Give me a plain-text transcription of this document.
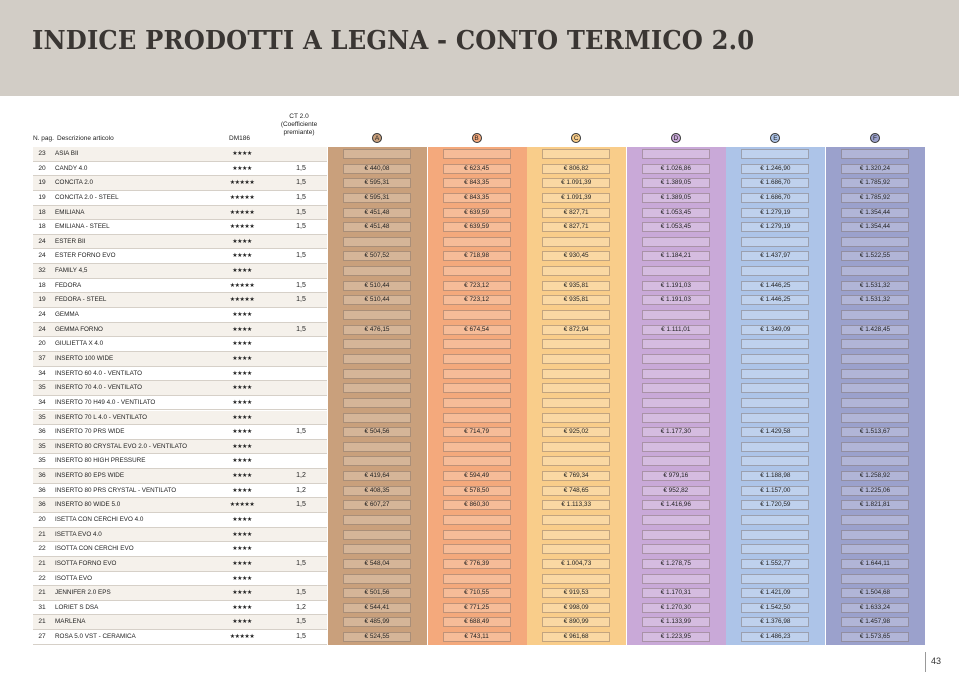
INDICE PRODOTTI A LEGNA - CONTO TERMICO 2.0
N. pag. Descrizione articolo	DM186
CT 2.0
(Coefficiente
premiante)
A	B	C	D	E	F
23	ASIA BII	★★★★
20	CANDY 4.0	★★★★	1,5	€ 440,08	€ 623,45	€ 806,82	€ 1.026,86	€ 1.246,90	€ 1.320,24
19	CONCITA 2.0	★★★★★	1,5	€ 595,31	€ 843,35	€ 1.091,39	€ 1.389,05	€ 1.686,70	€ 1.785,92
19	CONCITA 2.0 - STEEL	★★★★★	1,5	€ 595,31	€ 843,35	€ 1.091,39	€ 1.389,05	€ 1.686,70	€ 1.785,92
18	EMILIANA	★★★★★	1,5	€ 451,48	€ 639,59	€ 827,71	€ 1.053,45	€ 1.279,19	€ 1.354,44
18	EMILIANA - STEEL	★★★★★	1,5	€ 451,48	€ 639,59	€ 827,71	€ 1.053,45	€ 1.279,19	€ 1.354,44
24	ESTER BII	★★★★
24	ESTER FORNO EVO	★★★★	1,5	€ 507,52	€ 718,98	€ 930,45	€ 1.184,21	€ 1.437,97	€ 1.522,55
32	FAMILY 4,5	★★★★
18	FEDORA	★★★★★	1,5	€ 510,44	€ 723,12	€ 935,81	€ 1.191,03	€ 1.446,25	€ 1.531,32
19	FEDORA - STEEL	★★★★★	1,5	€ 510,44	€ 723,12	€ 935,81	€ 1.191,03	€ 1.446,25	€ 1.531,32
24	GEMMA	★★★★
24	GEMMA FORNO	★★★★	1,5	€ 476,15	€ 674,54	€ 872,94	€ 1.111,01	€ 1.349,09	€ 1.428,45
20	GIULIETTA X 4.0	★★★★
37	INSERTO 100 WIDE	★★★★
34	INSERTO 60 4.0 - VENTILATO	★★★★
35	INSERTO 70 4.0 - VENTILATO	★★★★
34	INSERTO 70 H49 4.0 - VENTILATO	★★★★
35	INSERTO 70 L 4.0 - VENTILATO	★★★★
36	INSERTO 70 PRS WIDE	★★★★	1,5	€ 504,56	€ 714,79	€ 925,02	€ 1.177,30	€ 1.429,58	€ 1.513,67
35	INSERTO 80 CRYSTAL EVO 2.0 - VENTILATO	★★★★
35	INSERTO 80 HIGH PRESSURE	★★★★
36	INSERTO 80 EPS WIDE	★★★★	1,2	€ 419,64	€ 594,49	€ 769,34	€ 979,16	€ 1.188,98	€ 1.258,92
36	INSERTO 80 PRS CRYSTAL - VENTILATO	★★★★	1,2	€ 408,35	€ 578,50	€ 748,65	€ 952,82	€ 1.157,00	€ 1.225,06
36	INSERTO 80 WIDE 5.0	★★★★★	1,5	€ 607,27	€ 860,30	€ 1.113,33	€ 1.416,96	€ 1.720,59	€ 1.821,81
20	ISETTA CON CERCHI EVO 4.0	★★★★
21	ISETTA EVO 4.0	★★★★
22	ISOTTA CON CERCHI EVO	★★★★
21	ISOTTA FORNO EVO	★★★★	1,5	€ 548,04	€ 776,39	€ 1.004,73	€ 1.278,75	€ 1.552,77	€ 1.644,11
22	ISOTTA EVO	★★★★
21	JENNIFER 2.0 EPS	★★★★	1,5	€ 501,56	€ 710,55	€ 919,53	€ 1.170,31	€ 1.421,09	€ 1.504,68
31	LORIET S DSA	★★★★	1,2	€ 544,41	€ 771,25	€ 998,09	€ 1.270,30	€ 1.542,50	€ 1.633,24
21	MARLENA	★★★★	1,5	€ 485,99	€ 688,49	€ 890,99	€ 1.133,99	€ 1.376,98	€ 1.457,98
27	ROSA 5.0 VST - CERAMICA	★★★★★	1,5	€ 524,55	€ 743,11	€ 961,68	€ 1.223,95	€ 1.486,23	€ 1.573,65
43
